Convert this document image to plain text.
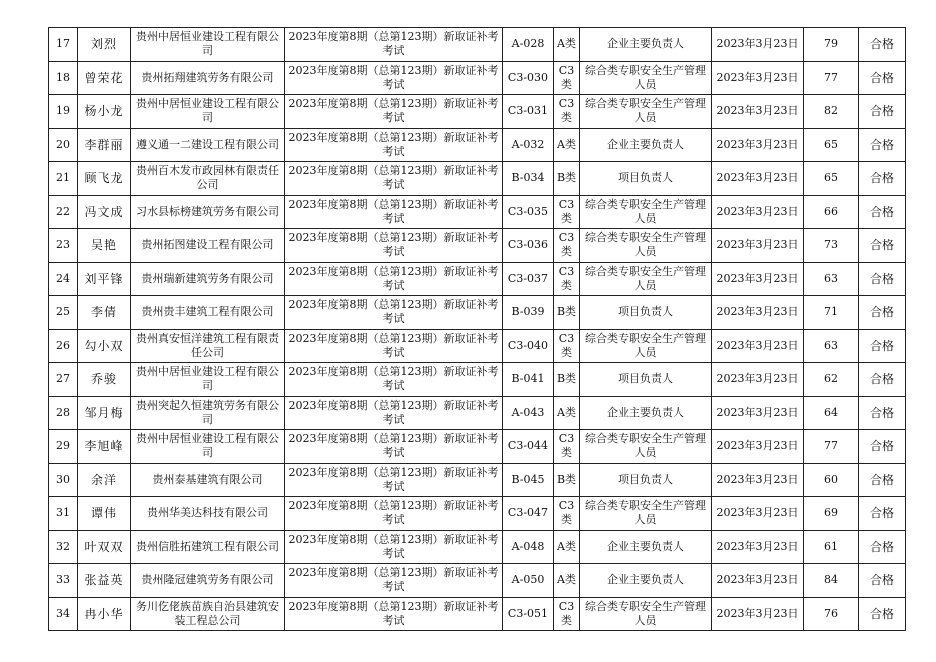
17	刘烈	贵州中居恒业建设工程有限公司	2023年度第8期（总第123期）新取证补考考试	A-028	A类	企业主要负责人	2023年3月23日	79	合格
18	曾荣花	贵州拓翔建筑劳务有限公司	2023年度第8期（总第123期）新取证补考考试	C3-030	C3类	综合类专职安全生产管理人员	2023年3月23日	77	合格
19	杨小龙	贵州中居恒业建设工程有限公司	2023年度第8期（总第123期）新取证补考考试	C3-031	C3类	综合类专职安全生产管理人员	2023年3月23日	82	合格
20	李群丽	遵义通一二建设工程有限公司	2023年度第8期（总第123期）新取证补考考试	A-032	A类	企业主要负责人	2023年3月23日	65	合格
21	顾飞龙	贵州百木发市政园林有限责任公司	2023年度第8期（总第123期）新取证补考考试	B-034	B类	项目负责人	2023年3月23日	65	合格
22	冯文成	习水县标榜建筑劳务有限公司	2023年度第8期（总第123期）新取证补考考试	C3-035	C3类	综合类专职安全生产管理人员	2023年3月23日	66	合格
23	吴艳	贵州拓图建设工程有限公司	2023年度第8期（总第123期）新取证补考考试	C3-036	C3类	综合类专职安全生产管理人员	2023年3月23日	73	合格
24	刘平锋	贵州瑞新建筑劳务有限公司	2023年度第8期（总第123期）新取证补考考试	C3-037	C3类	综合类专职安全生产管理人员	2023年3月23日	63	合格
25	李倩	贵州贵丰建筑工程有限公司	2023年度第8期（总第123期）新取证补考考试	B-039	B类	项目负责人	2023年3月23日	71	合格
26	勾小双	贵州真安恒洋建筑工程有限责任公司	2023年度第8期（总第123期）新取证补考考试	C3-040	C3类	综合类专职安全生产管理人员	2023年3月23日	63	合格
27	乔骏	贵州中居恒业建设工程有限公司	2023年度第8期（总第123期）新取证补考考试	B-041	B类	项目负责人	2023年3月23日	62	合格
28	邹月梅	贵州突起久恒建筑劳务有限公司	2023年度第8期（总第123期）新取证补考考试	A-043	A类	企业主要负责人	2023年3月23日	64	合格
29	李旭峰	贵州中居恒业建设工程有限公司	2023年度第8期（总第123期）新取证补考考试	C3-044	C3类	综合类专职安全生产管理人员	2023年3月23日	77	合格
30	余洋	贵州泰基建筑有限公司	2023年度第8期（总第123期）新取证补考考试	B-045	B类	项目负责人	2023年3月23日	60	合格
31	谭伟	贵州华美达科技有限公司	2023年度第8期（总第123期）新取证补考考试	C3-047	C3类	综合类专职安全生产管理人员	2023年3月23日	69	合格
32	叶双双	贵州信胜拓建筑工程有限公司	2023年度第8期（总第123期）新取证补考考试	A-048	A类	企业主要负责人	2023年3月23日	61	合格
33	张益英	贵州隆冠建筑劳务有限公司	2023年度第8期（总第123期）新取证补考考试	A-050	A类	企业主要负责人	2023年3月23日	84	合格
34	冉小华	务川仡佬族苗族自治县建筑安装工程总公司	2023年度第8期（总第123期）新取证补考考试	C3-051	C3类	综合类专职安全生产管理人员	2023年3月23日	76	合格
